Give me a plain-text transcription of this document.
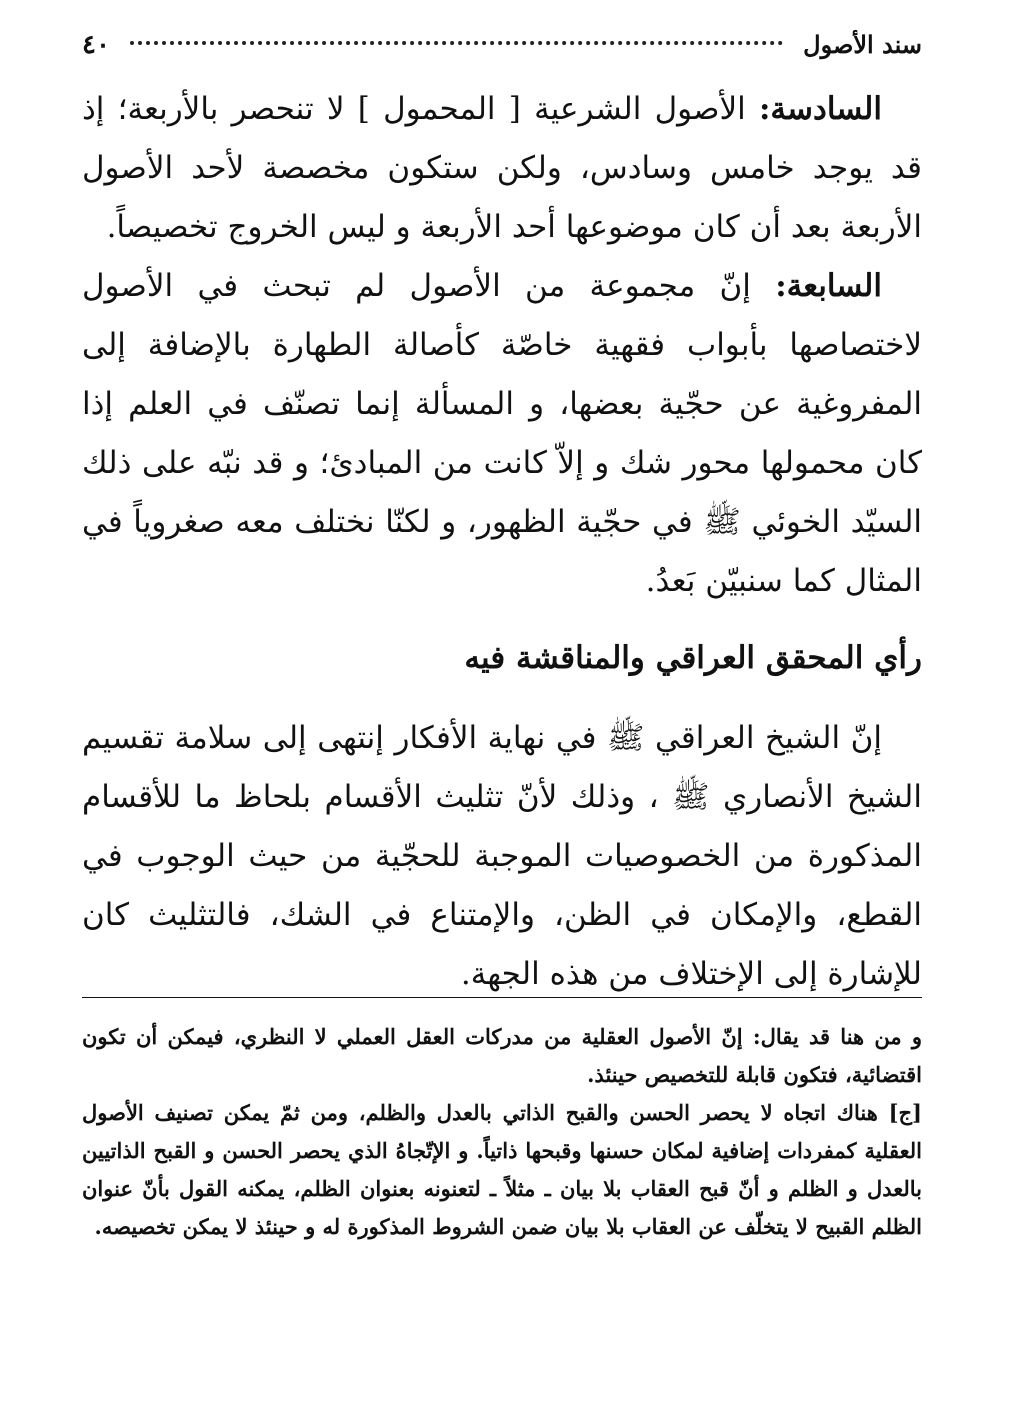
سند الأصول
٤٠

السادسة: الأصول الشرعية [ المحمول ] لا تنحصر بالأربعة؛ إذ قد يوجد خامس وسادس، ولكن ستكون مخصصة لأحد الأصول الأربعة بعد أن كان موضوعها أحد الأربعة و ليس الخروج تخصيصاً.

السابعة: إنّ مجموعة من الأصول لم تبحث في الأصول لاختصاصها بأبواب فقهية خاصّة كأصالة الطهارة بالإضافة إلى المفروغية عن حجّية بعضها، و المسألة إنما تصنّف في العلم إذا كان محمولها محور شك و إلاّ كانت من المبادئ؛ و قد نبّه على ذلك السيّد الخوئي ﷺ في حجّية الظهور، و لكنّا نختلف معه صغروياً في المثال كما سنبيّن بَعدُ.

رأي المحقق العراقي والمناقشة فيه

إنّ الشيخ العراقي ﷺ في نهاية الأفكار إنتهى إلى سلامة تقسيم الشيخ الأنصاري ﷺ ، وذلك لأنّ تثليث الأقسام بلحاظ ما للأقسام المذكورة من الخصوصيات الموجبة للحجّية من حيث الوجوب في القطع، والإمكان في الظن، والإمتناع في الشك، فالتثليث كان للإشارة إلى الإختلاف من هذه الجهة.

و من هنا قد يقال: إنّ الأصول العقلية من مدركات العقل العملي لا النظري، فيمكن أن تكون اقتضائية، فتكون قابلة للتخصيص حينئذ.

[ج] هناك اتجاه لا يحصر الحسن والقبح الذاتي بالعدل والظلم، ومن ثمّ يمكن تصنيف الأصول العقلية كمفردات إضافية لمكان حسنها وقبحها ذاتياً. و الإتّجاهُ الذي يحصر الحسن و القبح الذاتيين بالعدل و الظلم و أنّ قبح العقاب بلا بيان ـ مثلاً ـ لتعنونه بعنوان الظلم، يمكنه القول بأنّ عنوان الظلم القبيح لا يتخلّف عن العقاب بلا بيان ضمن الشروط المذكورة له و حينئذ لا يمكن تخصيصه.
